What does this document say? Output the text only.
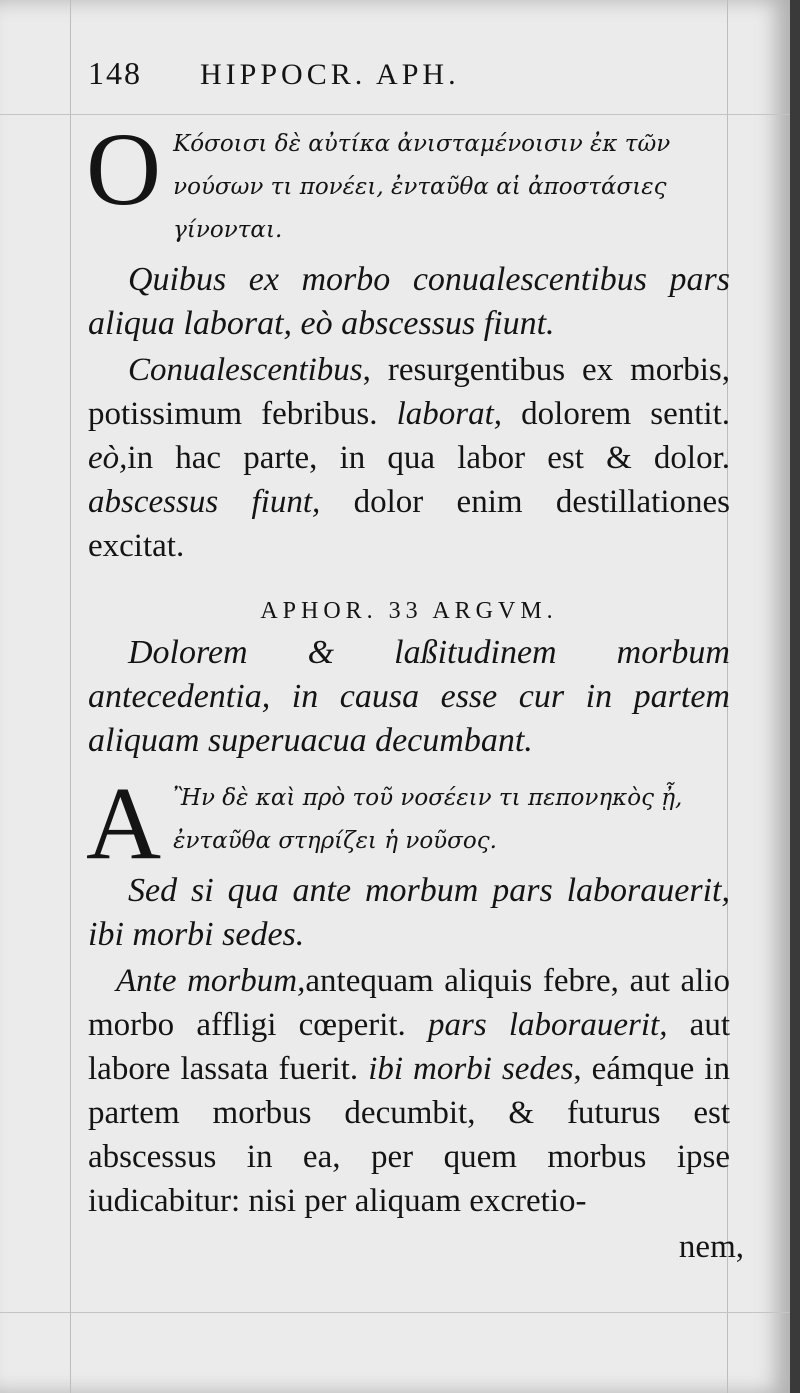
148	HIPPOCR. APH.
O Κόσοισι δὲ αὐτίκα ἀνισταμένοισιν ἐκ τῶν νούσων τι πονέει, ἐνταῦθα αἱ ἀποστάσιες γίνονται.

Quibus ex morbo conualescentibus pars aliqua laborat, eò abscessus fiunt.

Conualescentibus, resurgentibus ex morbis, potissimum febribus. laborat, dolorem sentit. eò,in hac parte, in qua labor est & dolor. abscessus fiunt, dolor enim destillationes excitat.

APHOR. 33 ARGVM.

Dolorem & laßitudinem morbum antecedentia, in causa esse cur in partem aliquam superuacua decumbant.

A Ἢν δὲ καὶ πρὸ τοῦ νοσέειν τι πεπονηκὸς ᾖ, ἐνταῦθα στηρίζει ἡ νοῦσος.

Sed si qua ante morbum pars laborauerit, ibi morbi sedes.

Ante morbum,antequam aliquis febre, aut alio morbo affligi cœperit. pars laborauerit, aut labore lassata fuerit. ibi morbi sedes, eámque in partem morbus decumbit, & futurus est abscessus in ea, per quem morbus ipse iudicabitur: nisi per aliquam excretio-

nem,
